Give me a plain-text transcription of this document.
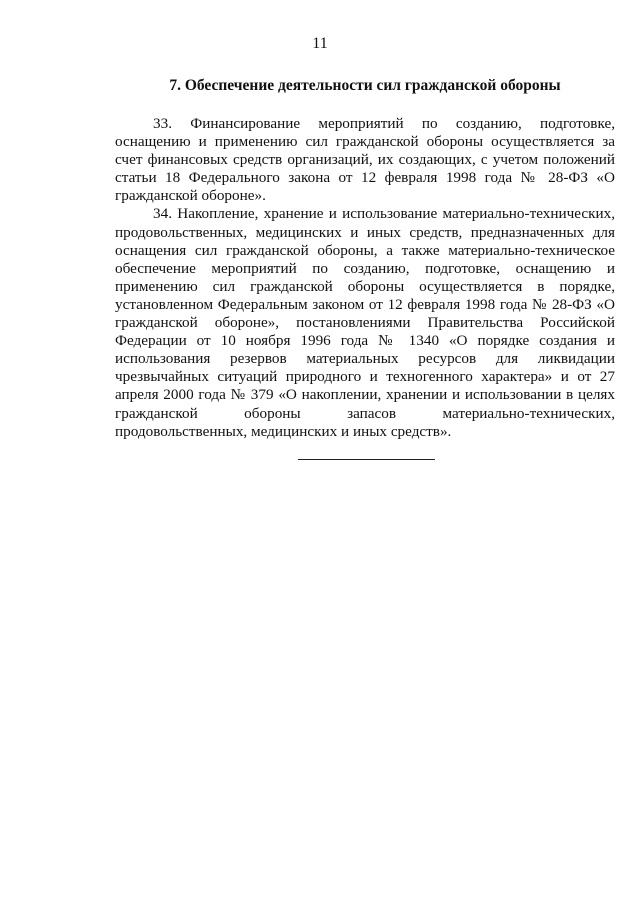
11
7. Обеспечение деятельности сил гражданской обороны

33. Финансирование мероприятий по созданию, подготовке, оснащению и применению сил гражданской обороны осуществляется за счет финансовых средств организаций, их создающих, с учетом положений статьи 18 Федерального закона от 12 февраля 1998 года № 28-ФЗ «О гражданской обороне».

34. Накопление, хранение и использование материально-технических, продовольственных, медицинских и иных средств, предназначенных для оснащения сил гражданской обороны, а также материально-техническое обеспечение мероприятий по созданию, подготовке, оснащению и применению сил гражданской обороны осуществляется в порядке, установленном Федеральным законом от 12 февраля 1998 года № 28-ФЗ «О гражданской обороне», постановлениями Правительства Российской Федерации от 10 ноября 1996 года № 1340 «О порядке создания и использования резервов материальных ресурсов для ликвидации чрезвычайных ситуаций природного и техногенного характера» и от 27 апреля 2000 года № 379 «О накоплении, хранении и использовании в целях гражданской обороны запасов материально-технических, продовольственных, медицинских и иных средств».
